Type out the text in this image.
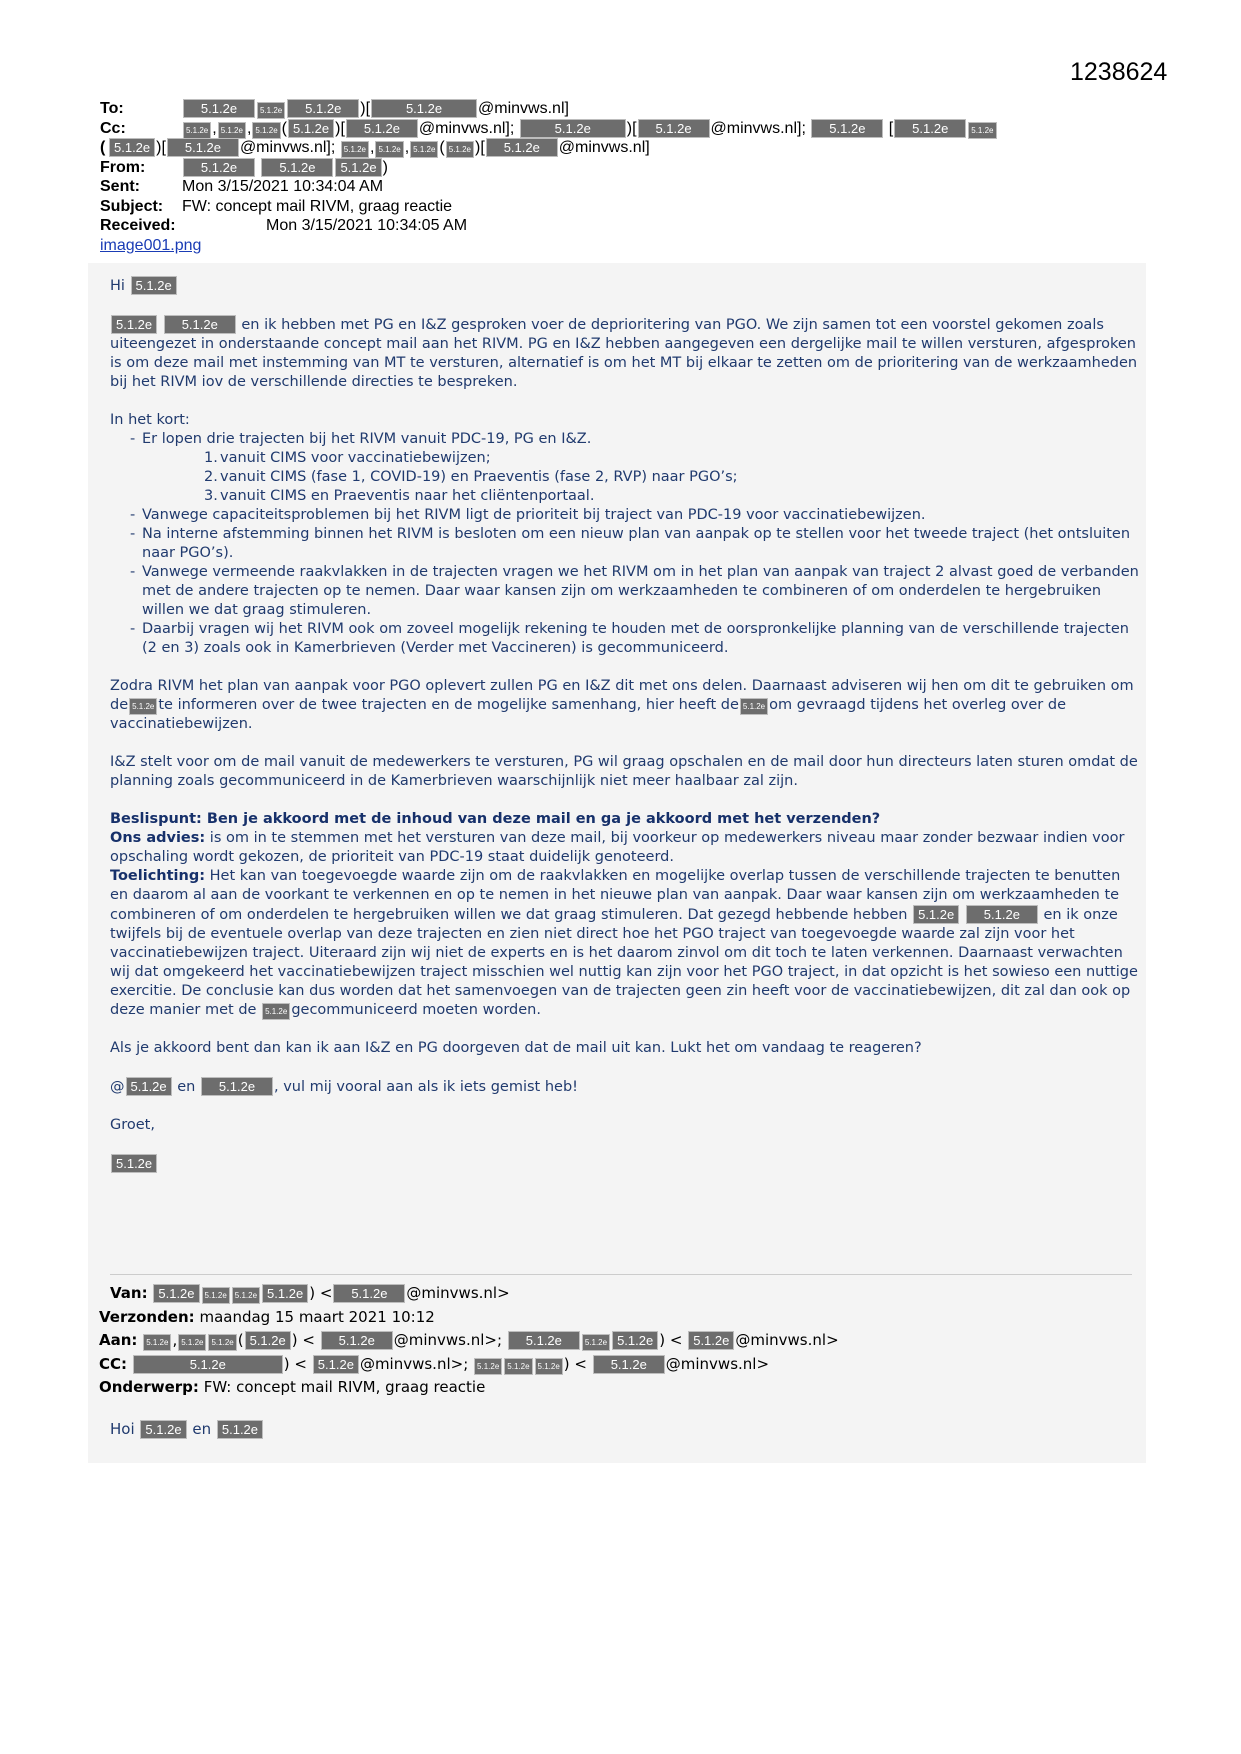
1238624
To:	5.1.2e	5.1.2e 5.1.2e )[	5.1.2e @minvws.nl]
Cc:	5.1.2e , 5.1.2e , 5.1.2e ( 5.1.2e )[ 5.1.2e @minvws.nl];	5.1.2e )[ 5.1.2e @minvws.nl]; 5.1.2e [ 5.1.2e	5.1.2e
( 5.1.2e )[ 5.1.2e @minvws.nl]; 5.1.2e , 5.1.2e , 5.1.2e ( 5.1.2e )[ 5.1.2e @minvws.nl]
From:	5.1.2e	5.1.2e 5.1.2e )
Sent:	Mon 3/15/2021 10:34:04 AM
Subject: FW: concept mail RIVM, graag reactie
Received:	Mon 3/15/2021 10:34:05 AM
image001.png

Hi 5.1.2e

5.1.2e 5.1.2e en ik hebben met PG en I&Z gesproken voer de deprioritering van PGO. We zijn samen tot een voorstel gekomen zoals uiteengezet in onderstaande concept mail aan het RIVM. PG en I&Z hebben aangegeven een dergelijke mail te willen versturen, afgesproken is om deze mail met instemming van MT te versturen, alternatief is om het MT bij elkaar te zetten om de prioritering van de werkzaamheden bij het RIVM iov de verschillende directies te bespreken.

In het kort:
- Er lopen drie trajecten bij het RIVM vanuit PDC-19, PG en I&Z.
1. vanuit CIMS voor vaccinatiebewijzen;
2. vanuit CIMS (fase 1, COVID-19) en Praeventis (fase 2, RVP) naar PGO’s;
3. vanuit CIMS en Praeventis naar het cliëntenportaal.
- Vanwege capaciteitsproblemen bij het RIVM ligt de prioriteit bij traject van PDC-19 voor vaccinatiebewijzen.
- Na interne afstemming binnen het RIVM is besloten om een nieuw plan van aanpak op te stellen voor het tweede traject (het ontsluiten naar PGO’s).
- Vanwege vermeende raakvlakken in de trajecten vragen we het RIVM om in het plan van aanpak van traject 2 alvast goed de verbanden met de andere trajecten op te nemen. Daar waar kansen zijn om werkzaamheden te combineren of om onderdelen te hergebruiken willen we dat graag stimuleren.
- Daarbij vragen wij het RIVM ook om zoveel mogelijk rekening te houden met de oorspronkelijke planning van de verschillende trajecten (2 en 3) zoals ook in Kamerbrieven (Verder met Vaccineren) is gecommuniceerd.

Zodra RIVM het plan van aanpak voor PGO oplevert zullen PG en I&Z dit met ons delen. Daarnaast adviseren wij hen om dit te gebruiken om de 5.1.2e te informeren over de twee trajecten en de mogelijke samenhang, hier heeft de 5.1.2e om gevraagd tijdens het overleg over de vaccinatiebewijzen.

I&Z stelt voor om de mail vanuit de medewerkers te versturen, PG wil graag opschalen en de mail door hun directeurs laten sturen omdat de planning zoals gecommuniceerd in de Kamerbrieven waarschijnlijk niet meer haalbaar zal zijn.

Beslispunt: Ben je akkoord met de inhoud van deze mail en ga je akkoord met het verzenden?
Ons advies: is om in te stemmen met het versturen van deze mail, bij voorkeur op medewerkers niveau maar zonder bezwaar indien voor opschaling wordt gekozen, de prioriteit van PDC-19 staat duidelijk genoteerd.

Toelichting: Het kan van toegevoegde waarde zijn om de raakvlakken en mogelijke overlap tussen de verschillende trajecten te benutten en daarom al aan de voorkant te verkennen en op te nemen in het nieuwe plan van aanpak. Daar waar kansen zijn om werkzaamheden te combineren of om onderdelen te hergebruiken willen we dat graag stimuleren. Dat gezegd hebbende hebben 5.1.2e 5.1.2e en ik onze twijfels bij de eventuele overlap van deze trajecten en zien niet direct hoe het PGO traject van toegevoegde waarde zal zijn voor het vaccinatiebewijzen traject. Uiteraard zijn wij niet de experts en is het daarom zinvol om dit toch te laten verkennen. Daarnaast verwachten wij dat omgekeerd het vaccinatiebewijzen traject misschien wel nuttig kan zijn voor het PGO traject, in dat opzicht is het sowieso een nuttige exercitie. De conclusie kan dus worden dat het samenvoegen van de trajecten geen zin heeft voor de vaccinatiebewijzen, dit zal dan ook op deze manier met de 5.1.2e gecommuniceerd moeten worden.

Als je akkoord bent dan kan ik aan I&Z en PG doorgeven dat de mail uit kan. Lukt het om vandaag te reageren?

@ 5.1.2e en 5.1.2e , vul mij vooral aan als ik iets gemist heb!

Groet,

5.1.2e

Van: 5.1.2e 5.1.2e 5.1.2e 5.1.2e ) < 5.1.2e @minvws.nl>
Verzonden: maandag 15 maart 2021 10:12
Aan: 5.1.2e , 5.1.2e 5.1.2e ( 5.1.2e ) < 5.1.2e @minvws.nl>; 5.1.2e	5.1.2e 5.1.2e ) < 5.1.2e @minvws.nl>
CC:	5.1.2e	) < 5.1.2e @minvws.nl>; 5.1.2e 5.1.2e 5.1.2e ) < 5.1.2e @minvws.nl>
Onderwerp: FW: concept mail RIVM, graag reactie
Hoi 5.1.2e en 5.1.2e
